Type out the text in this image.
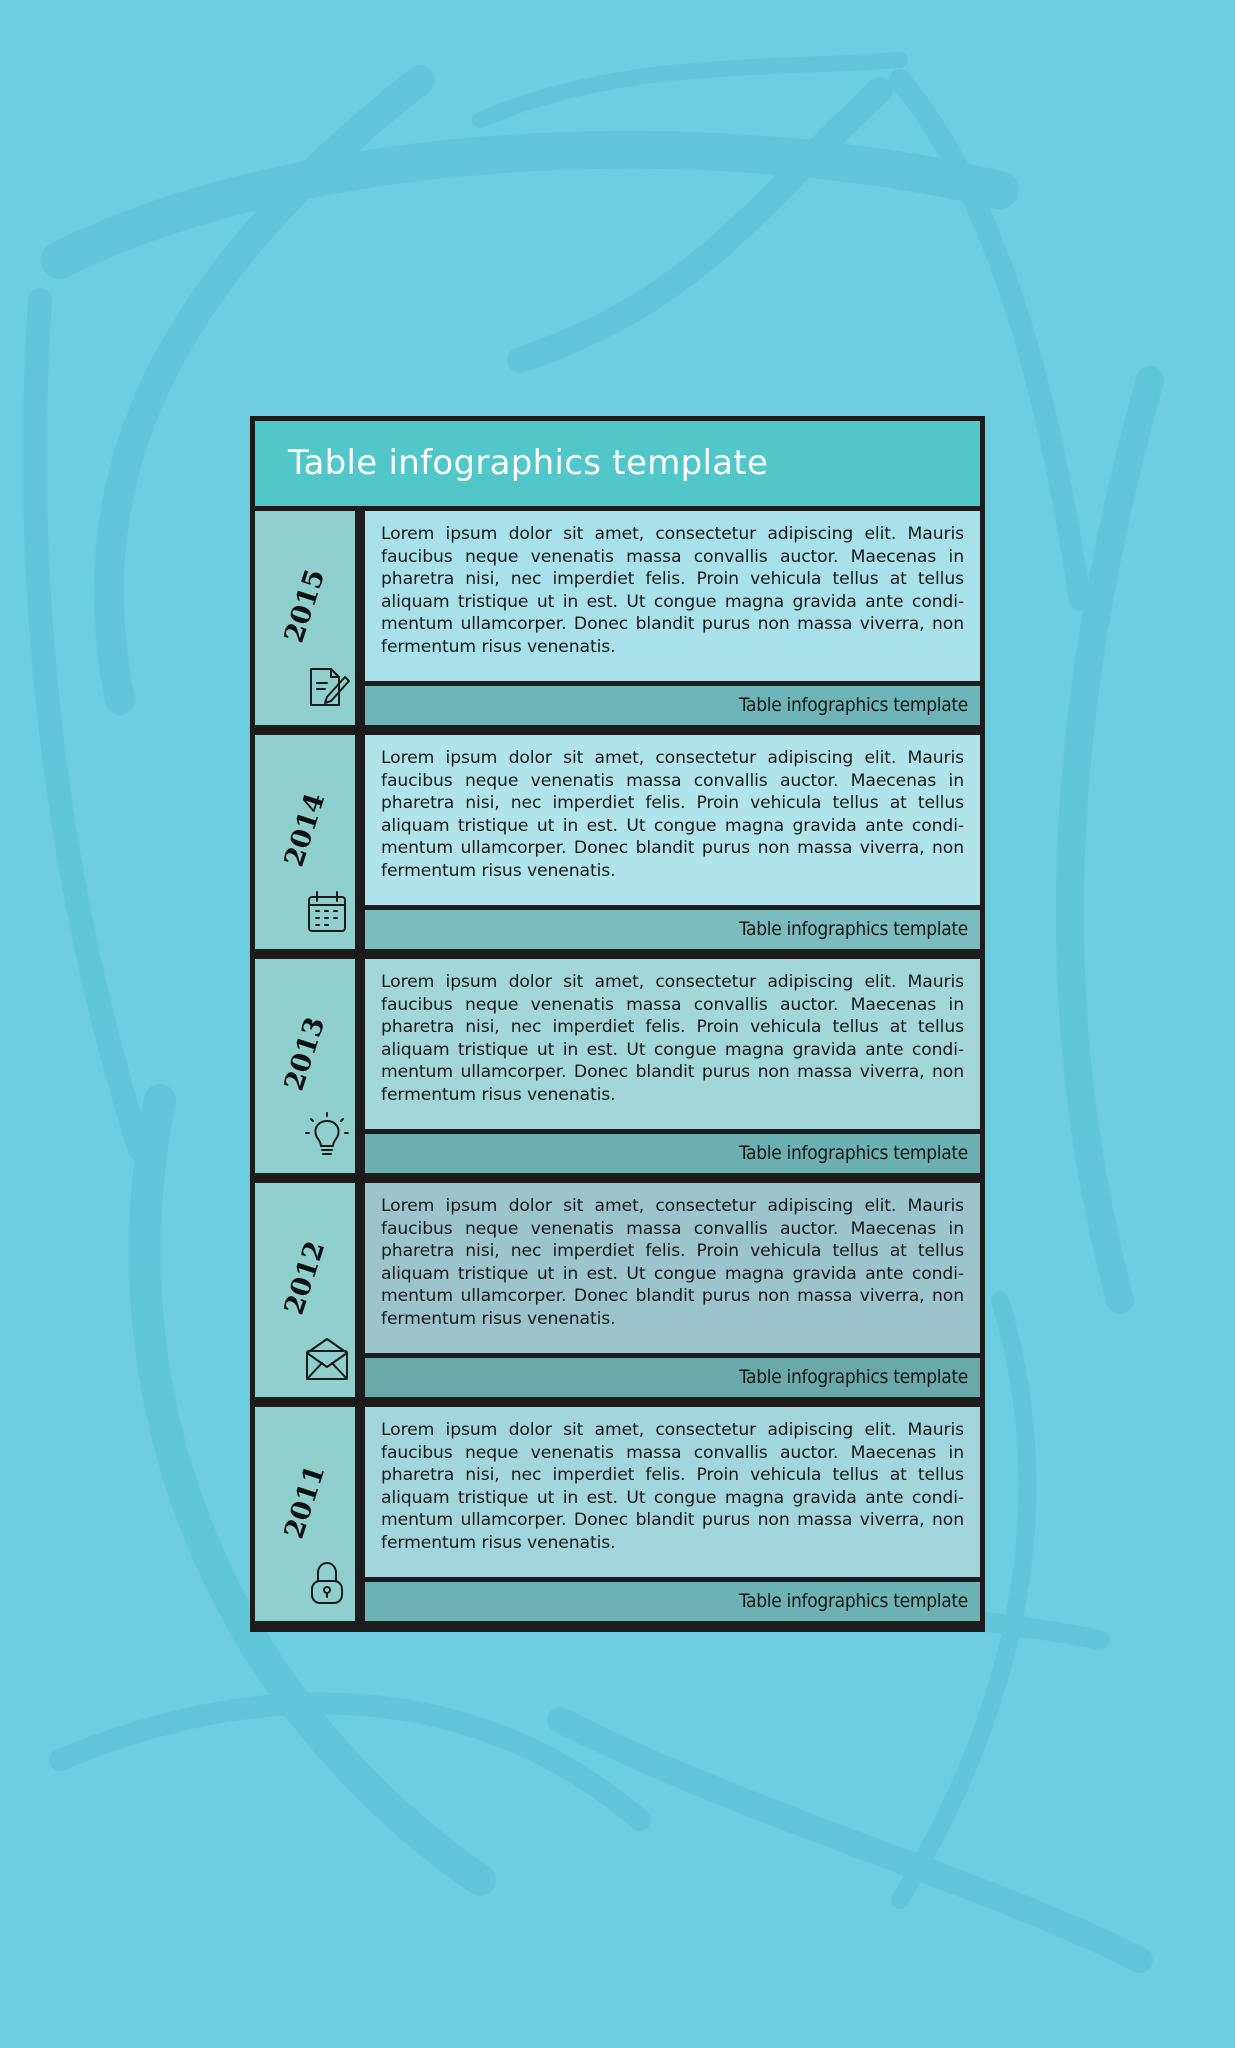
Table infographics template
2015

Lorem ipsum dolor sit amet, consectetur adipiscing elit. Mauris faucibus neque venenatis massa convallis auctor. Maecenas in pharetra nisi, nec imperdiet felis. Proin vehicula tellus at tellus aliquam tristique ut in est. Ut congue magna gravida ante condi-mentum ullamcorper. Donec blandit purus non massa viverra, non fermentum risus venenatis.

Table infographics template
2014

Lorem ipsum dolor sit amet, consectetur adipiscing elit. Mauris faucibus neque venenatis massa convallis auctor. Maecenas in pharetra nisi, nec imperdiet felis. Proin vehicula tellus at tellus aliquam tristique ut in est. Ut congue magna gravida ante condi-mentum ullamcorper. Donec blandit purus non massa viverra, non fermentum risus venenatis.

Table infographics template
2013

Lorem ipsum dolor sit amet, consectetur adipiscing elit. Mauris faucibus neque venenatis massa convallis auctor. Maecenas in pharetra nisi, nec imperdiet felis. Proin vehicula tellus at tellus aliquam tristique ut in est. Ut congue magna gravida ante condi-mentum ullamcorper. Donec blandit purus non massa viverra, non fermentum risus venenatis.

Table infographics template
2012

Lorem ipsum dolor sit amet, consectetur adipiscing elit. Mauris faucibus neque venenatis massa convallis auctor. Maecenas in pharetra nisi, nec imperdiet felis. Proin vehicula tellus at tellus aliquam tristique ut in est. Ut congue magna gravida ante condi-mentum ullamcorper. Donec blandit purus non massa viverra, non fermentum risus venenatis.

Table infographics template
2011

Lorem ipsum dolor sit amet, consectetur adipiscing elit. Mauris faucibus neque venenatis massa convallis auctor. Maecenas in pharetra nisi, nec imperdiet felis. Proin vehicula tellus at tellus aliquam tristique ut in est. Ut congue magna gravida ante condi-mentum ullamcorper. Donec blandit purus non massa viverra, non fermentum risus venenatis.

Table infographics template
